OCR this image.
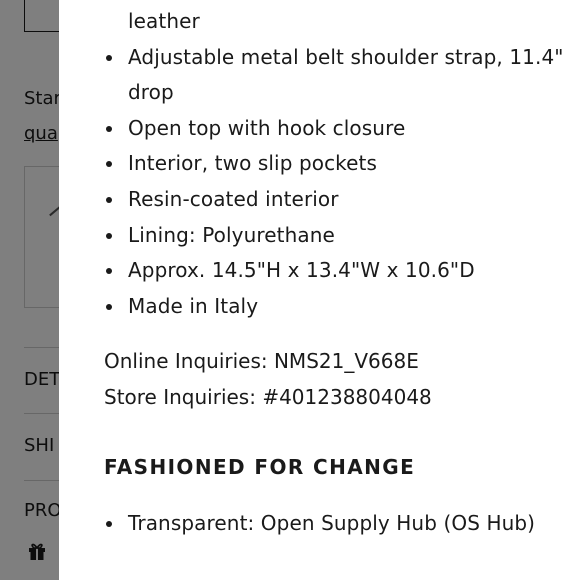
leather
Adjustable metal belt shoulder strap, 11.4" drop
Open top with hook closure
Interior, two slip pockets
Resin-coated interior
Lining: Polyurethane
Approx. 14.5"H x 13.4"W x 10.6"D
Made in Italy
Online Inquiries: NMS21_V668E
Store Inquiries: #401238804048
FASHIONED FOR CHANGE
Transparent: Open Supply Hub (OS Hub)
